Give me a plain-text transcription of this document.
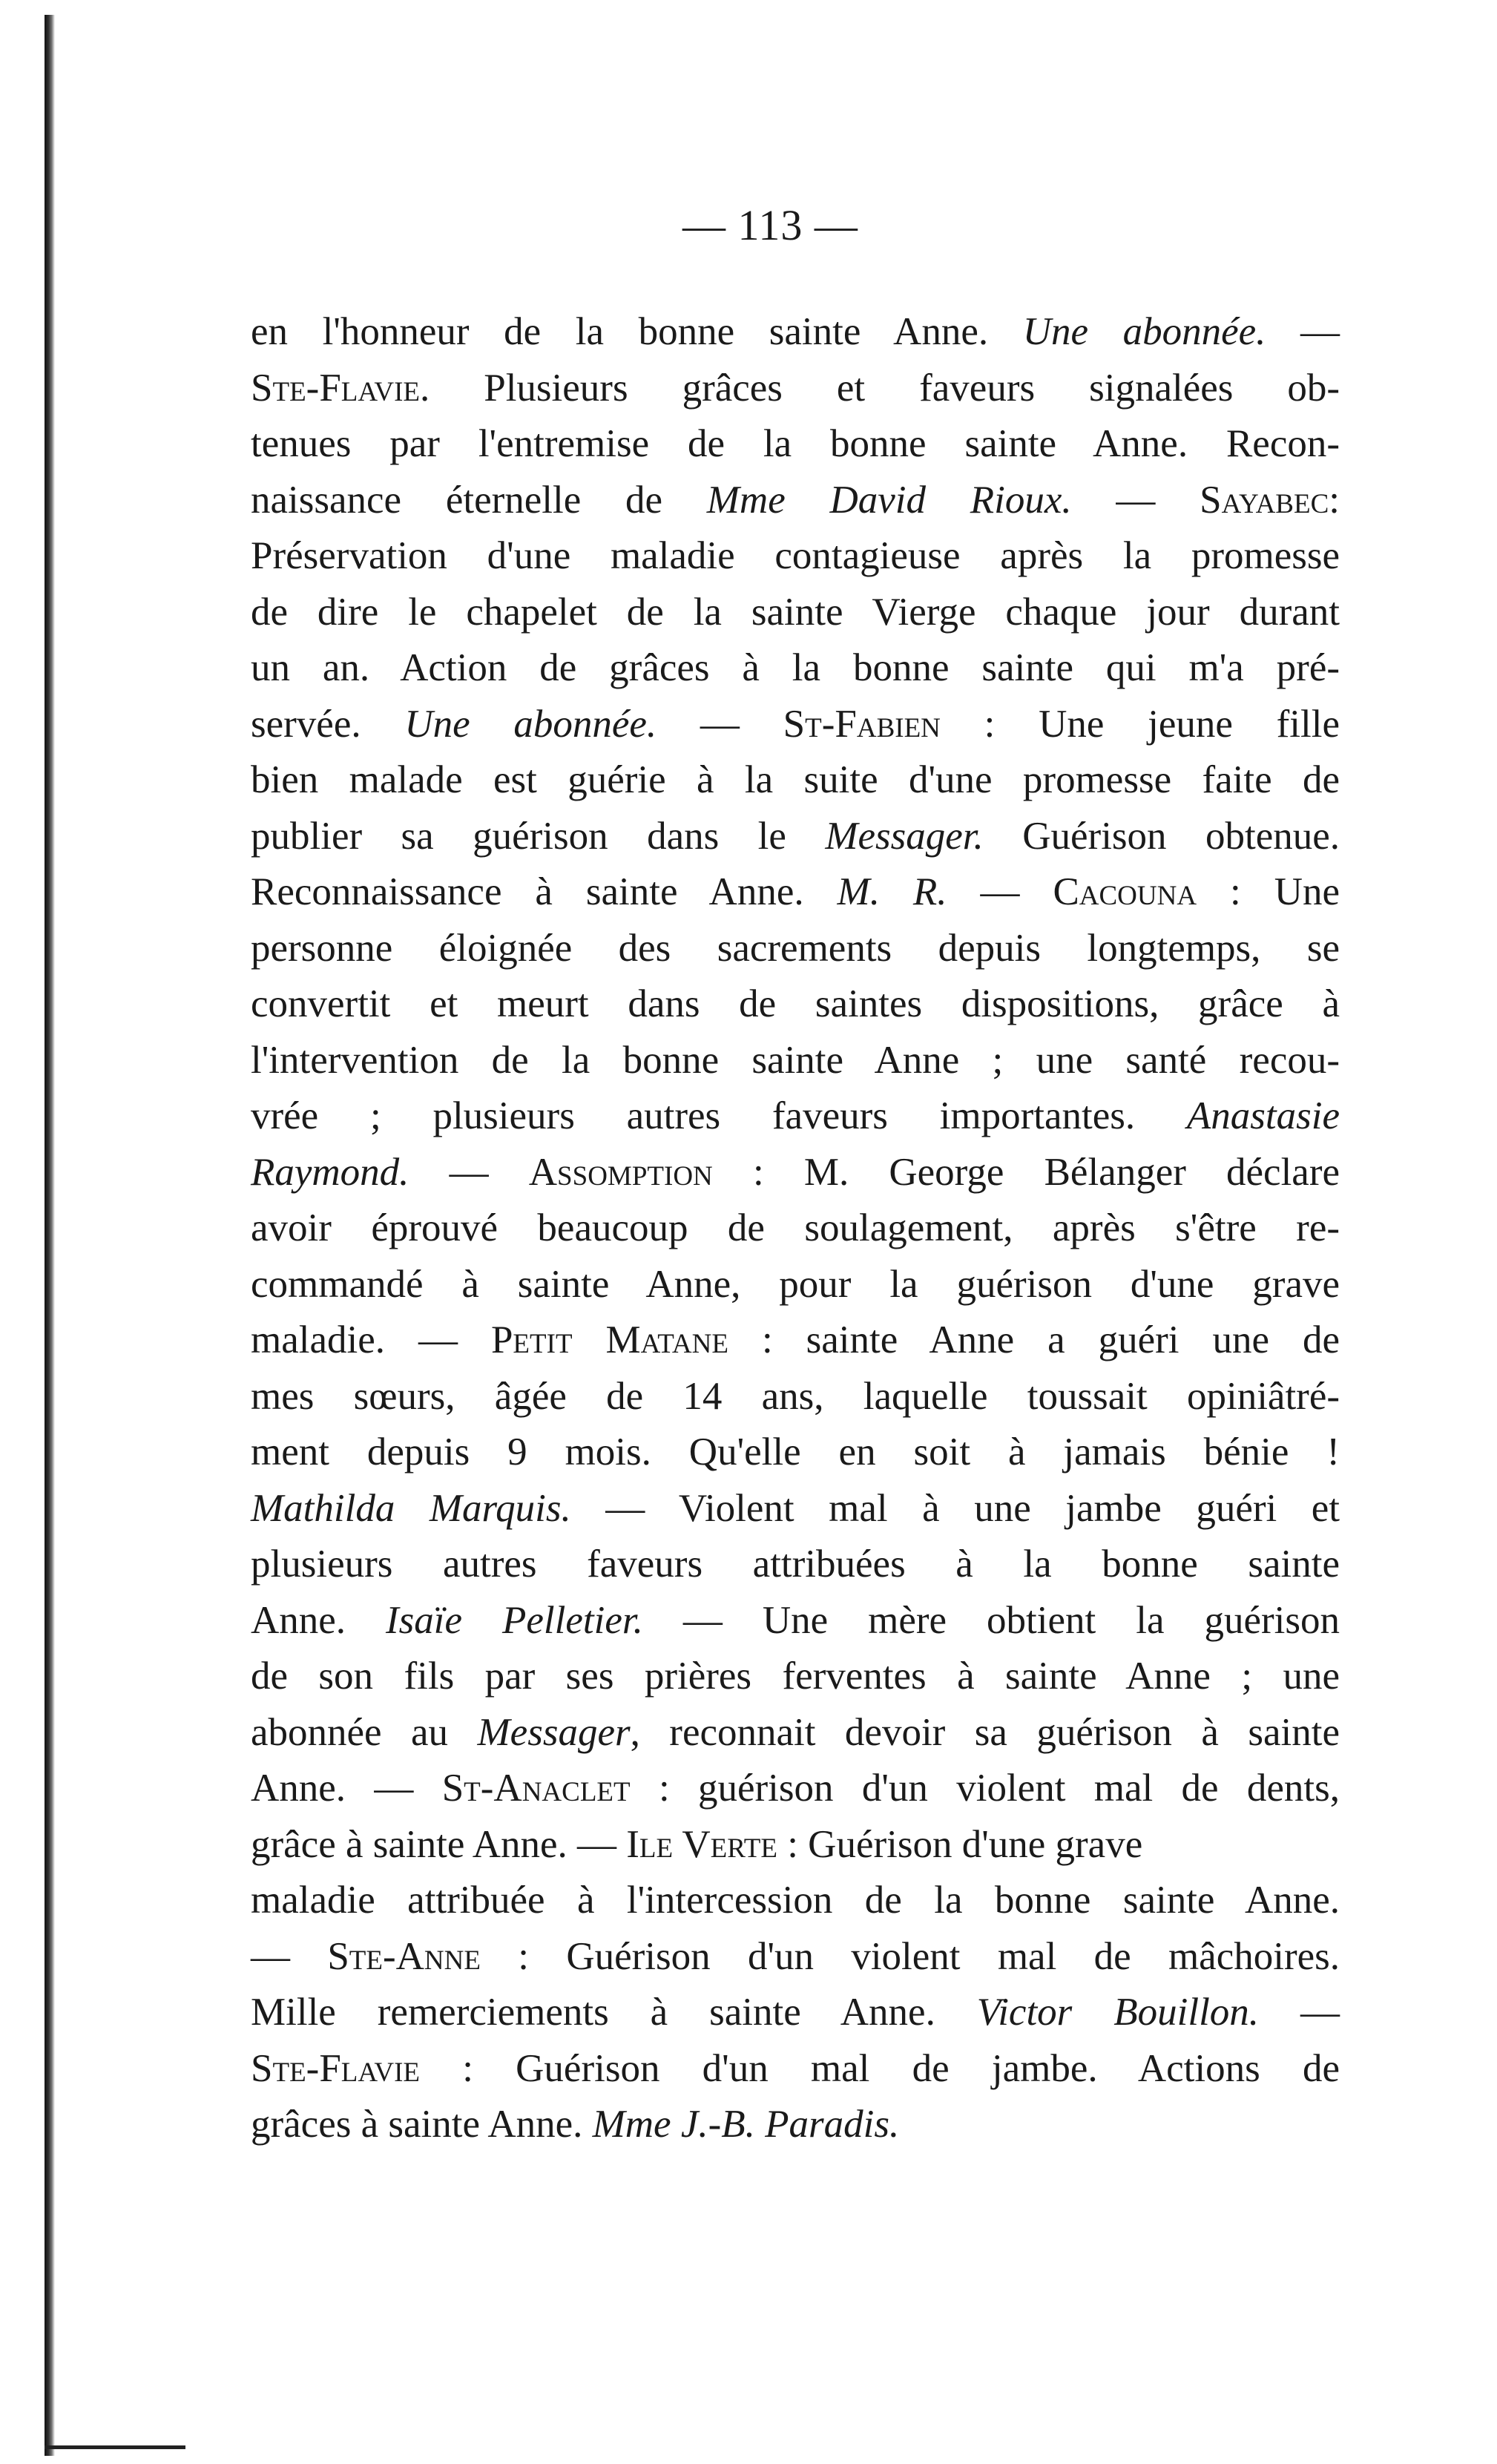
— 113 —
en l'honneur de la bonne sainte Anne. Une abonnée. —
Ste-Flavie. Plusieurs grâces et faveurs signalées ob-
tenues par l'entremise de la bonne sainte Anne. Recon-
naissance éternelle de Mme David Rioux. — Sayabec:
Préservation d'une maladie contagieuse après la promesse
de dire le chapelet de la sainte Vierge chaque jour durant
un an. Action de grâces à la bonne sainte qui m'a pré-
servée. Une abonnée. — St-Fabien : Une jeune fille
bien malade est guérie à la suite d'une promesse faite de
publier sa guérison dans le Messager. Guérison obtenue.
Reconnaissance à sainte Anne. M. R. — Cacouna : Une
personne éloignée des sacrements depuis longtemps, se
convertit et meurt dans de saintes dispositions, grâce à
l'intervention de la bonne sainte Anne ; une santé recou-
vrée ; plusieurs autres faveurs importantes. Anastasie
Raymond. — Assomption : M. George Bélanger déclare
avoir éprouvé beaucoup de soulagement, après s'être re-
commandé à sainte Anne, pour la guérison d'une grave
maladie. — Petit Matane : sainte Anne a guéri une de
mes sœurs, âgée de 14 ans, laquelle toussait opiniâtré-
ment depuis 9 mois. Qu'elle en soit à jamais bénie !
Mathilda Marquis. — Violent mal à une jambe guéri et
plusieurs autres faveurs attribuées à la bonne sainte
Anne. Isaïe Pelletier. — Une mère obtient la guérison
de son fils par ses prières ferventes à sainte Anne ; une
abonnée au Messager, reconnait devoir sa guérison à sainte
Anne. — St-Anaclet : guérison d'un violent mal de dents,
grâce à sainte Anne. — Ile Verte : Guérison d'une grave
maladie attribuée à l'intercession de la bonne sainte Anne.
— Ste-Anne : Guérison d'un violent mal de mâchoires.
Mille remerciements à sainte Anne. Victor Bouillon. —
Ste-Flavie : Guérison d'un mal de jambe. Actions de
grâces à sainte Anne. Mme J.-B. Paradis.
